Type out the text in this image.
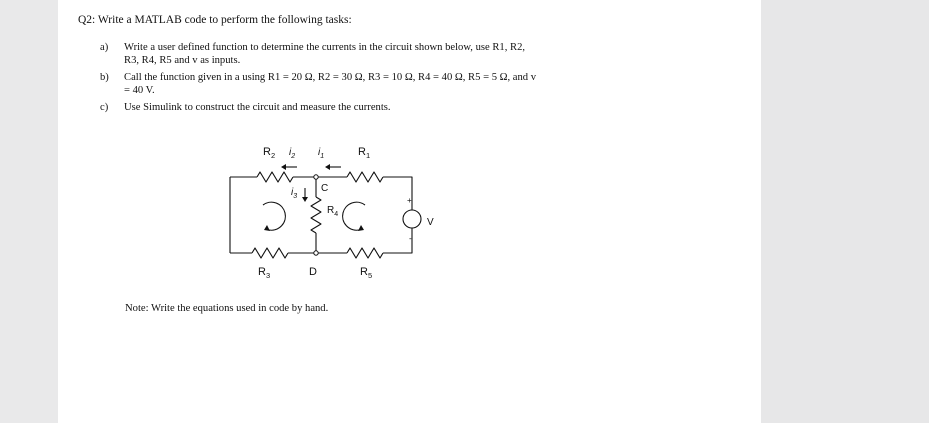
Q2: Write a MATLAB code to perform the following tasks:
a) Write a user defined function to determine the currents in the circuit shown below, use R1, R2,
R3, R4, R5 and v as inputs.
b) Call the function given in a using R1 = 20 Ω, R2 = 30 Ω, R3 = 10 Ω, R4 = 40 Ω, R5 = 5 Ω, and v
= 40 V.
c) Use Simulink to construct the circuit and measure the currents.
$R_2$ $i_2$ $i_1$	$R_1$
$i_3$
C
$R_4$
$R_3$	D	$R_5$
V
+
-
Note: Write the equations used in code by hand.
